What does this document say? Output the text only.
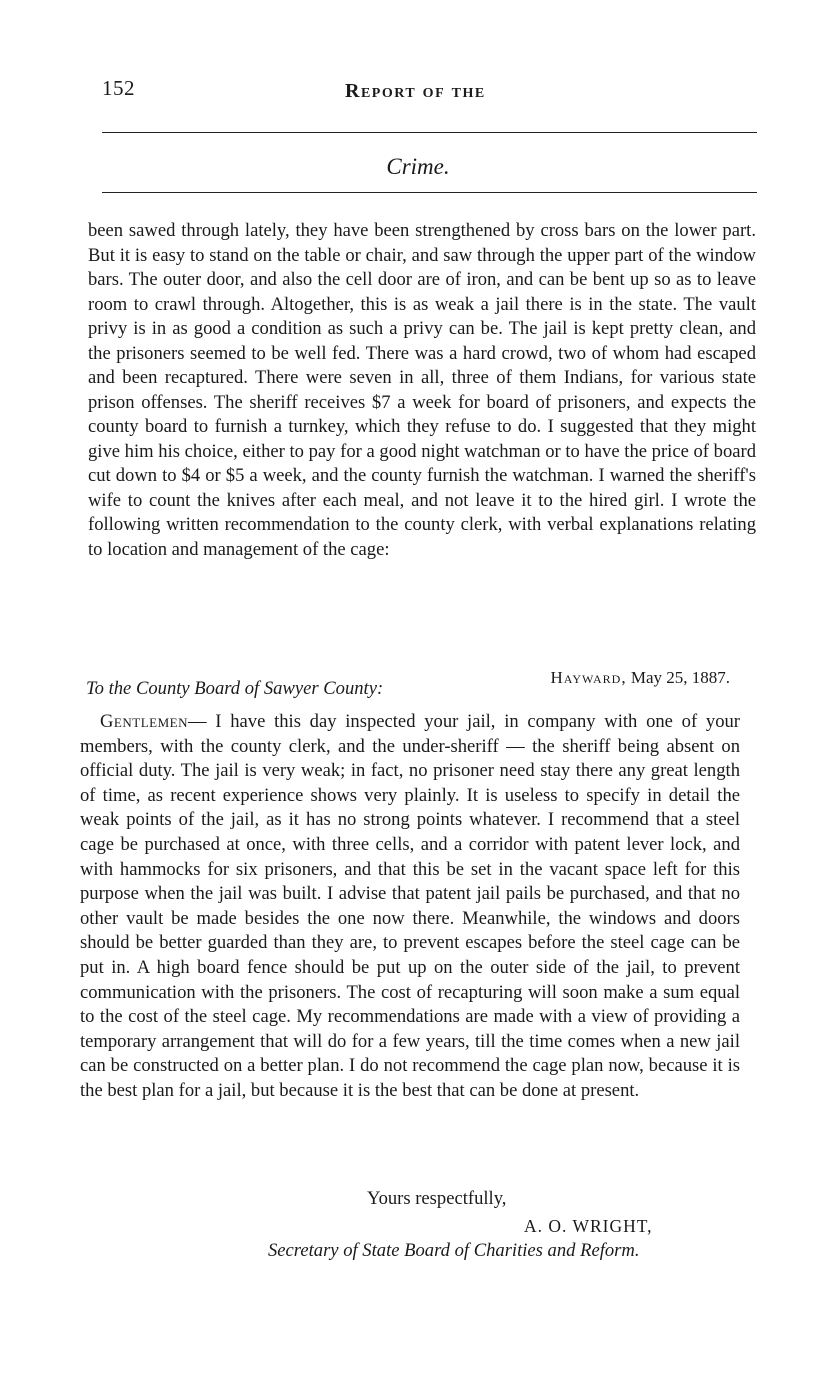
152	Report of the
Crime.

been sawed through lately, they have been strengthened by cross bars on the lower part. But it is easy to stand on the table or chair, and saw through the upper part of the window bars. The outer door, and also the cell door are of iron, and can be bent up so as to leave room to crawl through. Altogether, this is as weak a jail there is in the state. The vault privy is in as good a condition as such a privy can be. The jail is kept pretty clean, and the prisoners seemed to be well fed. There was a hard crowd, two of whom had escaped and been recaptured. There were seven in all, three of them Indians, for various state prison offenses. The sheriff receives $7 a week for board of prisoners, and expects the county board to furnish a turnkey, which they refuse to do. I suggested that they might give him his choice, either to pay for a good night watchman or to have the price of board cut down to $4 or $5 a week, and the county furnish the watchman. I warned the sheriff's wife to count the knives after each meal, and not leave it to the hired girl. I wrote the following written recommendation to the county clerk, with verbal explanations relating to location and management of the cage:

To the County Board of Sawyer County:
Hayward, May 25, 1887.

Gentlemen— I have this day inspected your jail, in company with one of your members, with the county clerk, and the under-sheriff — the sheriff being absent on official duty. The jail is very weak; in fact, no prisoner need stay there any great length of time, as recent experience shows very plainly. It is useless to specify in detail the weak points of the jail, as it has no strong points whatever. I recommend that a steel cage be purchased at once, with three cells, and a corridor with patent lever lock, and with hammocks for six prisoners, and that this be set in the vacant space left for this purpose when the jail was built. I advise that patent jail pails be purchased, and that no other vault be made besides the one now there. Meanwhile, the windows and doors should be better guarded than they are, to prevent escapes before the steel cage can be put in. A high board fence should be put up on the outer side of the jail, to prevent communication with the prisoners. The cost of recapturing will soon make a sum equal to the cost of the steel cage. My recommendations are made with a view of providing a temporary arrangement that will do for a few years, till the time comes when a new jail can be constructed on a better plan. I do not recommend the cage plan now, because it is the best plan for a jail, but because it is the best that can be done at present.

Yours respectfully,
A. O. WRIGHT,
Secretary of State Board of Charities and Reform.
